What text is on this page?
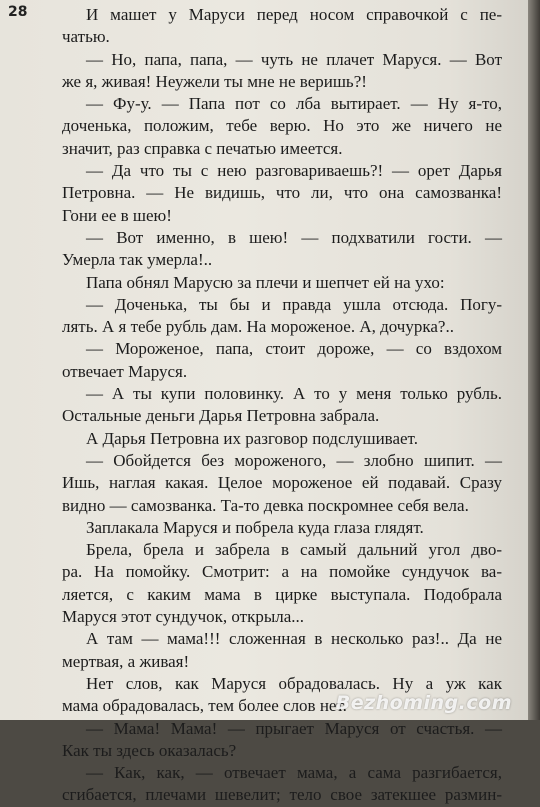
28	И машет у Маруси перед носом справочкой с пе-
чатью.
— Но, папа, папа, — чуть не плачет Маруся. — Вот
же я, живая! Неужели ты мне не веришь?!
— Фу-у. — Папа пот со лба вытирает. — Ну я-то,
доченька, положим, тебе верю. Но это же ничего не
значит, раз справка с печатью имеется.
— Да что ты с нею разговариваешь?! — орет Дарья
Петровна. — Не видишь, что ли, что она самозванка!
Гони ее в шею!
— Вот именно, в шею! — подхватили гости. —
Умерла так умерла!..
Папа обнял Марусю за плечи и шепчет ей на ухо:
— Доченька, ты бы и правда ушла отсюда. Погу-
лять. А я тебе рубль дам. На мороженое. А, дочурка?..
— Мороженое, папа, стоит дороже, — со вздохом
отвечает Маруся.
— А ты купи половинку. А то у меня только рубль.
Остальные деньги Дарья Петровна забрала.
А Дарья Петровна их разговор подслушивает.
— Обойдется без мороженого, — злобно шипит. —
Ишь, наглая какая. Целое мороженое ей подавай. Сразу
видно — самозванка. Та-то девка поскромнее себя вела.
Заплакала Маруся и побрела куда глаза глядят.
Брела, брела и забрела в самый дальний угол дво-
ра. На помойку. Смотрит: а на помойке сундучок ва-
ляется, с каким мама в цирке выступала. Подобрала
Маруся этот сундучок, открыла...
А там — мама!!! сложенная в несколько раз!.. Да не
мертвая, а живая!
Нет слов, как Маруся обрадовалась. Ну а уж как
мама обрадовалась, тем более слов нет.
— Мама! Мама! — прыгает Маруся от счастья. —
Как ты здесь оказалась?
— Как, как, — отвечает мама, а сама разгибается,
сгибается, плечами шевелит; тело свое затекшее размин-
Bezhoming.com
